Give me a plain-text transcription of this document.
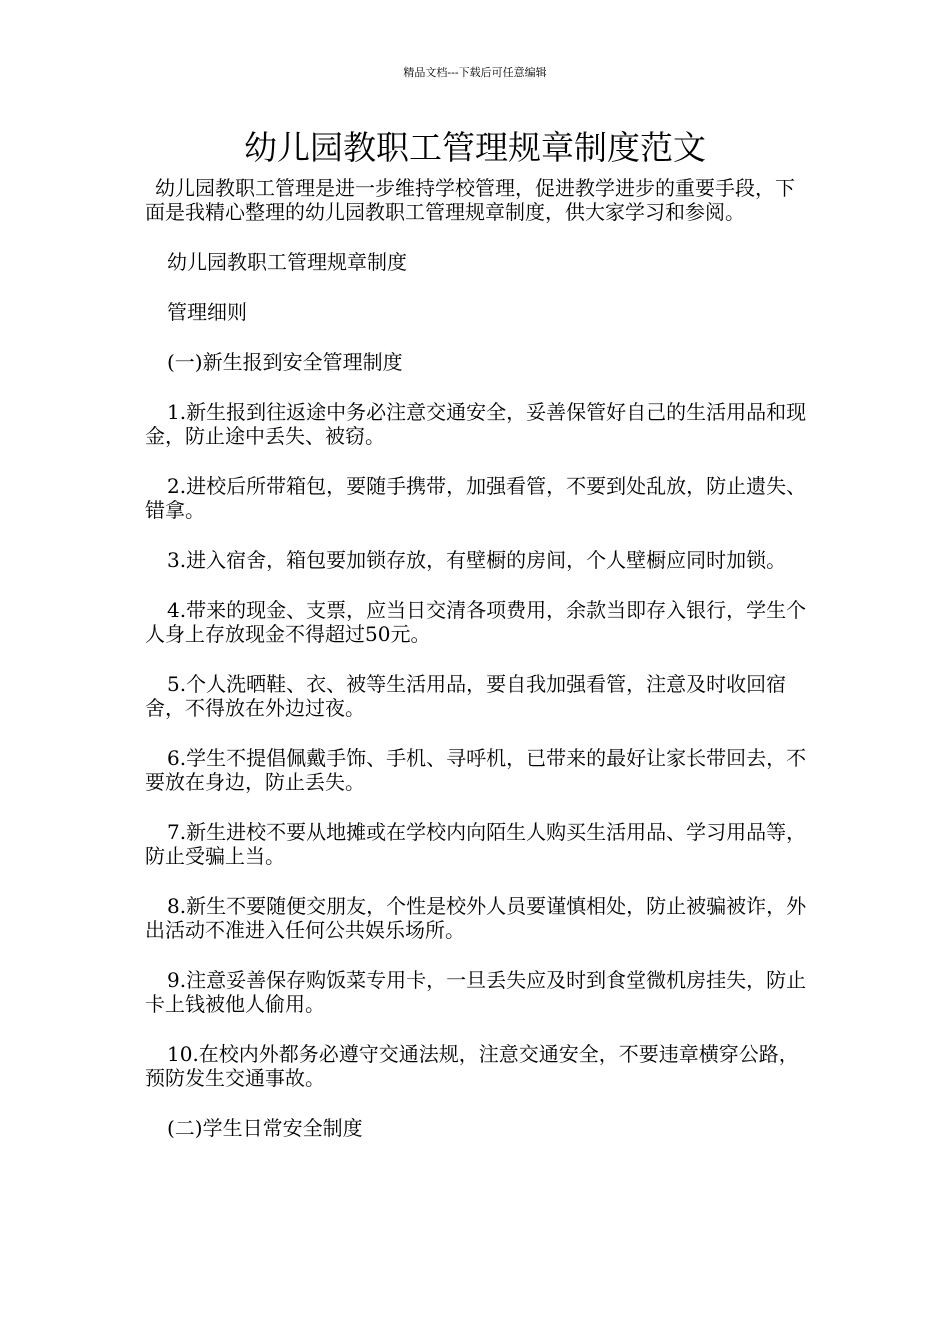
精品文档---下载后可任意编辑
幼儿园教职工管理规章制度范文

幼儿园教职工管理是进一步维持学校管理，促进教学进步的重要手段，下面是我精心整理的幼儿园教职工管理规章制度，供大家学习和参阅。

幼儿园教职工管理规章制度

管理细则

(一)新生报到安全管理制度

1.新生报到往返途中务必注意交通安全，妥善保管好自己的生活用品和现金，防止途中丢失、被窃。

2.进校后所带箱包，要随手携带，加强看管，不要到处乱放，防止遗失、错拿。

3.进入宿舍，箱包要加锁存放，有壁橱的房间，个人壁橱应同时加锁。

4.带来的现金、支票，应当日交清各项费用，余款当即存入银行，学生个人身上存放现金不得超过50元。

5.个人洗晒鞋、衣、被等生活用品，要自我加强看管，注意及时收回宿舍，不得放在外边过夜。

6.学生不提倡佩戴手饰、手机、寻呼机，已带来的最好让家长带回去，不要放在身边，防止丢失。

7.新生进校不要从地摊或在学校内向陌生人购买生活用品、学习用品等，防止受骗上当。

8.新生不要随便交朋友，个性是校外人员要谨慎相处，防止被骗被诈，外出活动不准进入任何公共娱乐场所。

9.注意妥善保存购饭菜专用卡，一旦丢失应及时到食堂微机房挂失，防止卡上钱被他人偷用。

10.在校内外都务必遵守交通法规，注意交通安全，不要违章横穿公路，预防发生交通事故。

(二)学生日常安全制度
